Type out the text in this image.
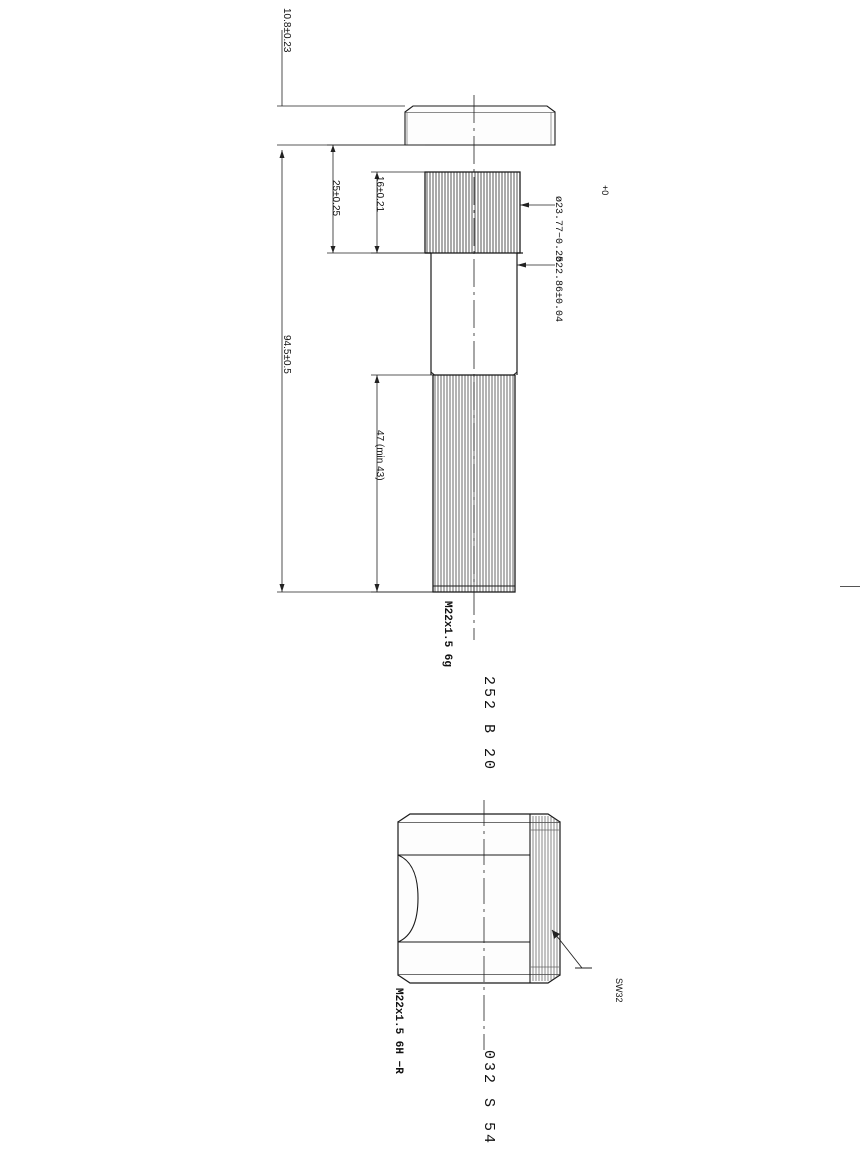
10.8±0.23
25±0.25	16±0.21
94.5±0.5
47 (min 43)
+0
ø23.77−0.25
ø22.86±0.04
M22x1.5 6g
252 B 20
032 S 54
SW32
M22x1.5 6H −R
